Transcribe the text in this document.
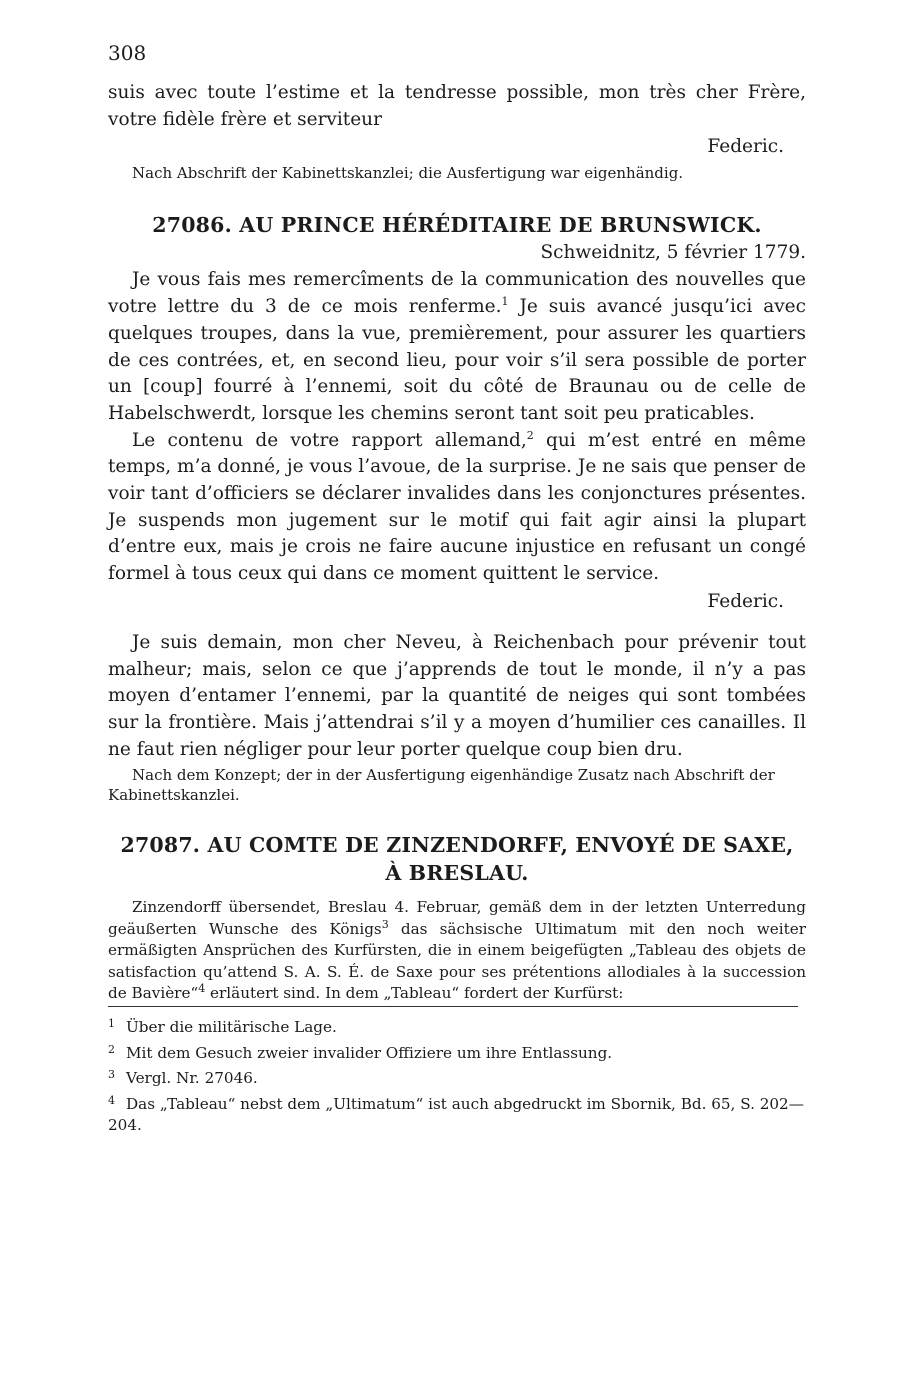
308

suis avec toute l’estime et la tendresse possible, mon très cher Frère, votre fidèle frère et serviteur

Federic.

Nach Abschrift der Kabinettskanzlei; die Ausfertigung war eigenhändig.

27086. AU PRINCE HÉRÉDITAIRE DE BRUNSWICK.

Schweidnitz, 5 février 1779.

Je vous fais mes remercîments de la communication des nouvelles que votre lettre du 3 de ce mois renferme.$^1$ Je suis avancé jusqu’ici avec quelques troupes, dans la vue, premièrement, pour assurer les quartiers de ces contrées, et, en second lieu, pour voir s’il sera possible de porter un [coup] fourré à l’ennemi, soit du côté de Braunau ou de celle de Habelschwerdt, lorsque les chemins seront tant soit peu praticables.

Le contenu de votre rapport allemand,$^2$ qui m’est entré en même temps, m’a donné, je vous l’avoue, de la surprise. Je ne sais que penser de voir tant d’officiers se déclarer invalides dans les conjonctures présentes. Je suspends mon jugement sur le motif qui fait agir ainsi la plupart d’entre eux, mais je crois ne faire aucune injustice en refusant un congé formel à tous ceux qui dans ce moment quittent le service.

Federic.

Je suis demain, mon cher Neveu, à Reichenbach pour prévenir tout malheur; mais, selon ce que j’apprends de tout le monde, il n’y a pas moyen d’entamer l’ennemi, par la quantité de neiges qui sont tombées sur la frontière. Mais j’attendrai s’il y a moyen d’humilier ces canailles. Il ne faut rien négliger pour leur porter quelque coup bien dru.

Nach dem Konzept; der in der Ausfertigung eigenhändige Zusatz nach Abschrift der Kabinettskanzlei.

27087. AU COMTE DE ZINZENDORFF, ENVOYÉ DE SAXE,
À BRESLAU.

Zinzendorff übersendet, Breslau 4. Februar, gemäß dem in der letzten Unterredung geäußerten Wunsche des Königs$^3$ das sächsische Ultimatum mit den noch weiter ermäßigten Ansprüchen des Kurfürsten, die in einem beigefügten „Tableau des objets de satisfaction qu’attend S. A. S. É. de Saxe pour ses prétentions allodiales à la succession de Bavière“$^4$ erläutert sind. In dem „Tableau“ fordert der Kurfürst:

1 Über die militärische Lage.
2 Mit dem Gesuch zweier invalider Offiziere um ihre Entlassung.
3 Vergl. Nr. 27046.
4 Das „Tableau“ nebst dem „Ultimatum“ ist auch abgedruckt im Sbornik, Bd. 65, S. 202—204.
